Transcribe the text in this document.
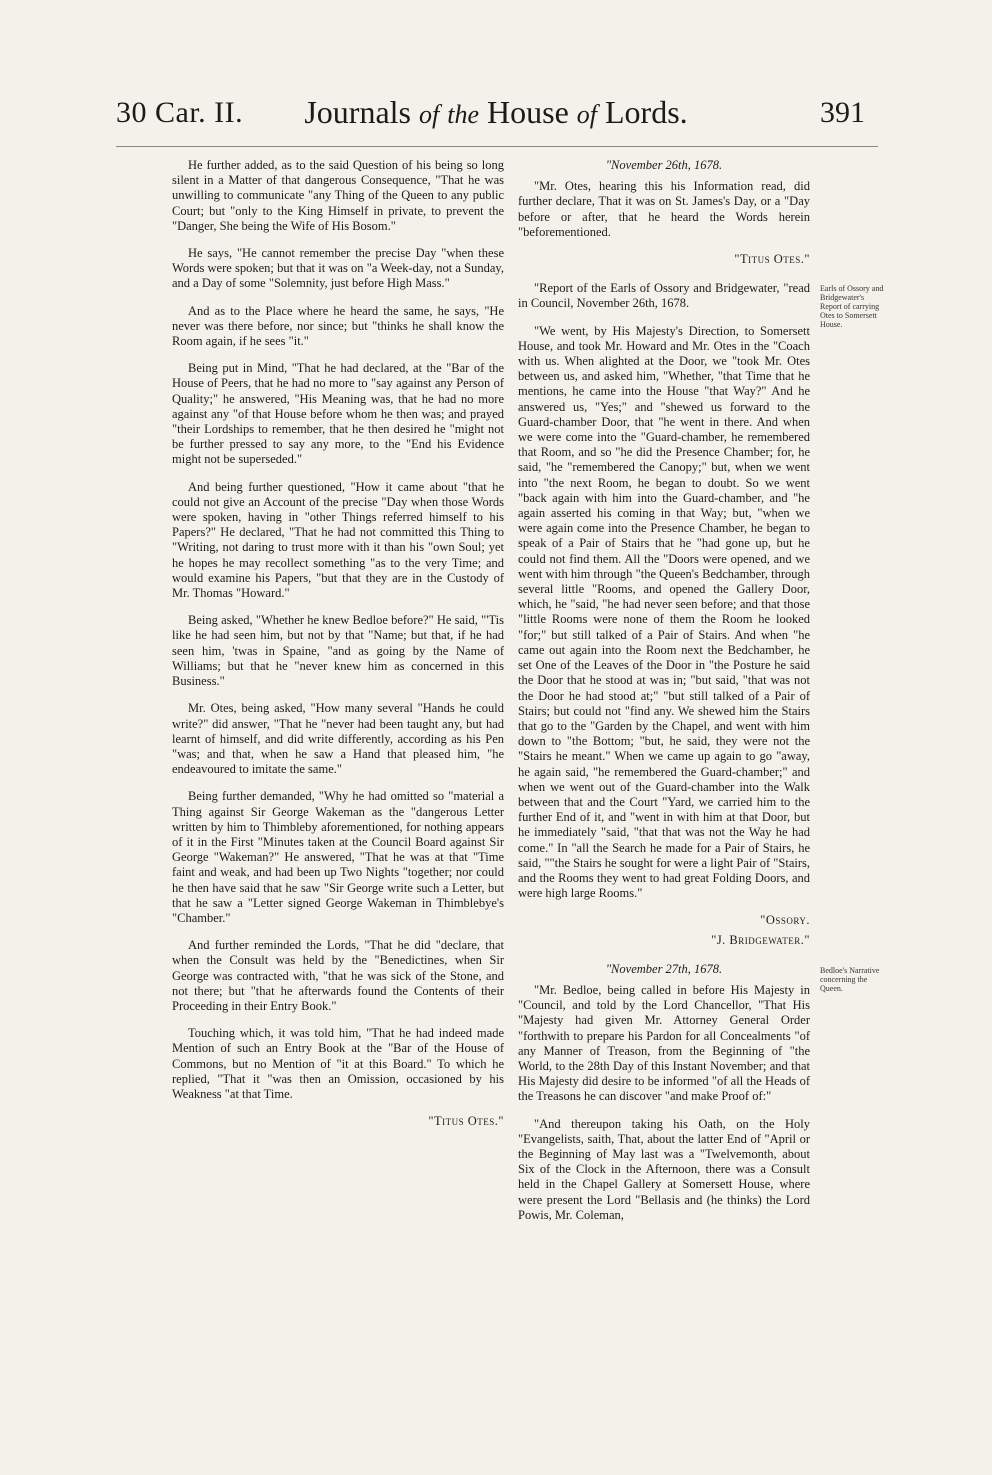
30 Car. II.	Journals of the House of Lords.	391

He further added, as to the said Question of his being so long silent in a Matter of that dangerous Consequence, "That he was unwilling to communicate "any Thing of the Queen to any public Court; but "only to the King Himself in private, to prevent the "Danger, She being the Wife of His Bosom."

He says, "He cannot remember the precise Day "when these Words were spoken; but that it was on "a Week-day, not a Sunday, and a Day of some "Solemnity, just before High Mass."

And as to the Place where he heard the same, he says, "He never was there before, nor since; but "thinks he shall know the Room again, if he sees "it."

Being put in Mind, "That he had declared, at the "Bar of the House of Peers, that he had no more to "say against any Person of Quality;" he answered, "His Meaning was, that he had no more against any "of that House before whom he then was; and prayed "their Lordships to remember, that he then desired he "might not be further pressed to say any more, to the "End his Evidence might not be superseded."

And being further questioned, "How it came about "that he could not give an Account of the precise "Day when those Words were spoken, having in "other Things referred himself to his Papers?" He declared, "That he had not committed this Thing to "Writing, not daring to trust more with it than his "own Soul; yet he hopes he may recollect something "as to the very Time; and would examine his Papers, "but that they are in the Custody of Mr. Thomas "Howard."

Being asked, "Whether he knew Bedloe before?" He said, "'Tis like he had seen him, but not by that "Name; but that, if he had seen him, 'twas in Spaine, "and as going by the Name of Williams; but that he "never knew him as concerned in this Business."

Mr. Otes, being asked, "How many several "Hands he could write?" did answer, "That he "never had been taught any, but had learnt of himself, and did write differently, according as his Pen "was; and that, when he saw a Hand that pleased him, "he endeavoured to imitate the same."

Being further demanded, "Why he had omitted so "material a Thing against Sir George Wakeman as the "dangerous Letter written by him to Thimbleby aforementioned, for nothing appears of it in the First "Minutes taken at the Council Board against Sir George "Wakeman?" He answered, "That he was at that "Time faint and weak, and had been up Two Nights "together; nor could he then have said that he saw "Sir George write such a Letter, but that he saw a "Letter signed George Wakeman in Thimblebye's "Chamber."

And further reminded the Lords, "That he did "declare, that when the Consult was held by the "Benedictines, when Sir George was contracted with, "that he was sick of the Stone, and not there; but "that he afterwards found the Contents of their Proceeding in their Entry Book."

Touching which, it was told him, "That he had indeed made Mention of such an Entry Book at the "Bar of the House of Commons, but no Mention of "it at this Board." To which he replied, "That it "was then an Omission, occasioned by his Weakness "at that Time.

"Titus Otes."
"November 26th, 1678.

"Mr. Otes, hearing this his Information read, did further declare, That it was on St. James's Day, or a "Day before or after, that he heard the Words herein "beforementioned.

"Titus Otes."

"Report of the Earls of Ossory and Bridgewater, "read in Council, November 26th, 1678.

"We went, by His Majesty's Direction, to Somersett House, and took Mr. Howard and Mr. Otes in the "Coach with us. When alighted at the Door, we "took Mr. Otes between us, and asked him, "Whether, "that Time that he mentions, he came into the House "that Way?" And he answered us, "Yes;" and "shewed us forward to the Guard-chamber Door, that "he went in there. And when we were come into the "Guard-chamber, he remembered that Room, and so "he did the Presence Chamber; for, he said, "he "remembered the Canopy;" but, when we went into "the next Room, he began to doubt. So we went "back again with him into the Guard-chamber, and "he again asserted his coming in that Way; but, "when we were again come into the Presence Chamber, he began to speak of a Pair of Stairs that he "had gone up, but he could not find them. All the "Doors were opened, and we went with him through "the Queen's Bedchamber, through several little "Rooms, and opened the Gallery Door, which, he "said, "he had never seen before; and that those "little Rooms were none of them the Room he looked "for;" but still talked of a Pair of Stairs. And when "he came out again into the Room next the Bedchamber, he set One of the Leaves of the Door in "the Posture he said the Door that he stood at was in; "but said, "that was not the Door he had stood at;" "but still talked of a Pair of Stairs; but could not "find any. We shewed him the Stairs that go to the "Garden by the Chapel, and went with him down to "the Bottom; "but, he said, they were not the "Stairs he meant." When we came up again to go "away, he again said, "he remembered the Guard-chamber;" and when we went out of the Guard-chamber into the Walk between that and the Court "Yard, we carried him to the further End of it, and "went in with him at that Door, but he immediately "said, "that that was not the Way he had come." In "all the Search he made for a Pair of Stairs, he said, ""the Stairs he sought for were a light Pair of "Stairs, and the Rooms they went to had great Folding Doors, and were high large Rooms."

"Ossory.
"J. Bridgewater."
"November 27th, 1678.

"Mr. Bedloe, being called in before His Majesty in "Council, and told by the Lord Chancellor, "That His "Majesty had given Mr. Attorney General Order "forthwith to prepare his Pardon for all Concealments "of any Manner of Treason, from the Beginning of "the World, to the 28th Day of this Instant November; and that His Majesty did desire to be informed "of all the Heads of the Treasons he can discover "and make Proof of:"

"And thereupon taking his Oath, on the Holy "Evangelists, saith, That, about the latter End of "April or the Beginning of May last was a "Twelvemonth, about Six of the Clock in the Afternoon, there was a Consult held in the Chapel Gallery at Somersett House, where were present the Lord "Bellasis and (he thinks) the Lord Powis, Mr. Coleman,

Earls of Ossory and Bridgewater's Report of carrying Otes to Somersett House.
Bedloe's Narrative concerning the Queen.
